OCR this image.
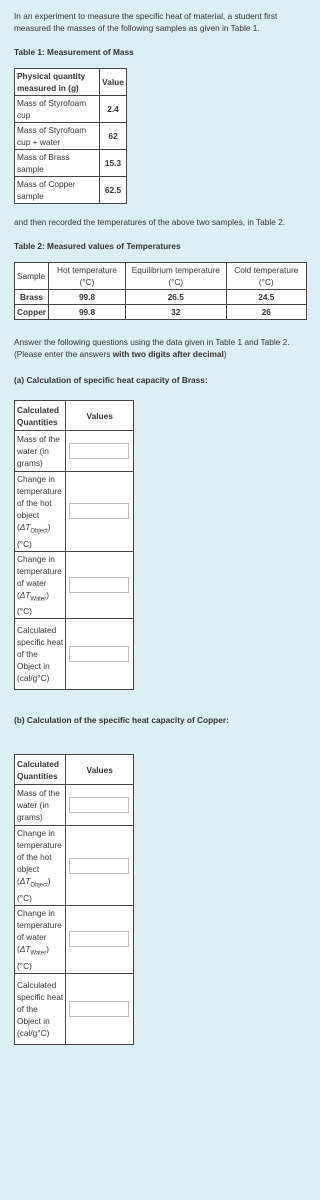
In an experiment to measure the specific heat of material, a student first measured the masses of the following samples as given in Table 1.

Table 1: Measurement of Mass

Physical quantity measured in (g)	Value
Mass of Styrofoam cup	2.4
Mass of Styrofoam cup + water	62
Mass of Brass sample	15.3
Mass of Copper sample	62.5

and then recorded the temperatures of the above two samples, in Table 2.

Table 2: Measured values of Temperatures

Sample	Hot temperature (°C)	Equilibrium temperature (°C)	Cold temperature (°C)
Brass	99.8	26.5	24.5
Copper	99.8	32	26

Answer the following questions using the data given in Table 1 and Table 2.

(Please enter the answers with two digits after decimal)

(a) Calculation of specific heat capacity of Brass:

Calculated Quantities	Values
Mass of the water (in grams)	

Change in temperature of the hot object $(\Delta T_{Object})$ (°C)	

Change in temperature of water $(\Delta T_{Water})$ (°C)	

Calculated specific heat of the Object in (cal/g°C)	

(b) Calculation of the specific heat capacity of Copper:

Calculated Quantities	Values
Mass of the water (in grams)	

Change in temperature of the hot object $(\Delta T_{Object})$ (°C)	

Change in temperature of water $(\Delta T_{Water})$ (°C)	

Calculated specific heat of the Object in (cal/g°C)	
